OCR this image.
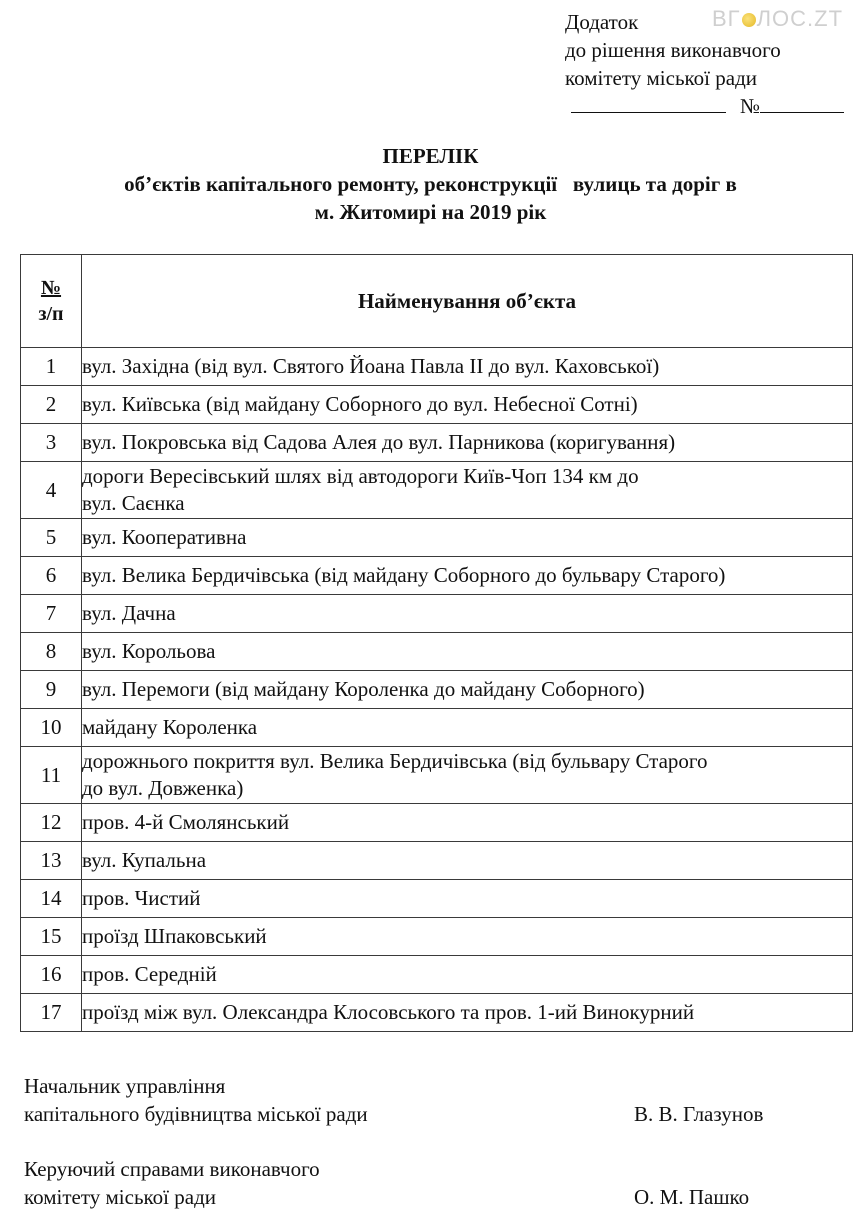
ВГ ЛОС.ZT
Додаток
до рішення виконавчого
комітету міської ради
№
ПЕРЕЛІК
об’єктів капітального ремонту, реконструкції   вулиць та доріг в
м. Житомирі на 2019 рік
№
з/п	Найменування об’єкта
1	вул. Західна (від вул. Святого Йоана Павла ІІ до вул. Каховської)
2	вул. Київська (від майдану Соборного до вул. Небесної Сотні)
3	вул. Покровська від Садова Алея до вул. Парникова (коригування)
4	дороги Вересівський шлях від автодороги Київ-Чоп 134 км до
вул. Саєнка

5	вул. Кооперативна
6	вул. Велика Бердичівська (від майдану Соборного до бульвару Старого)
7	вул. Дачна
8	вул. Корольова
9	вул. Перемоги (від майдану Короленка до майдану Соборного)
10	майдану Короленка
11	дорожнього покриття вул. Велика Бердичівська (від бульвару Старого
до вул. Довженка)

12	пров. 4-й Смолянський
13	вул. Купальна
14	пров. Чистий
15	проїзд Шпаковський
16	пров. Середній
17	проїзд між вул. Олександра Клосовського та пров. 1-ий Винокурний
Начальник управління
капітального будівництва міської ради	В. В. Глазунов
Керуючий справами виконавчого
комітету міської ради	О. М. Пашко
